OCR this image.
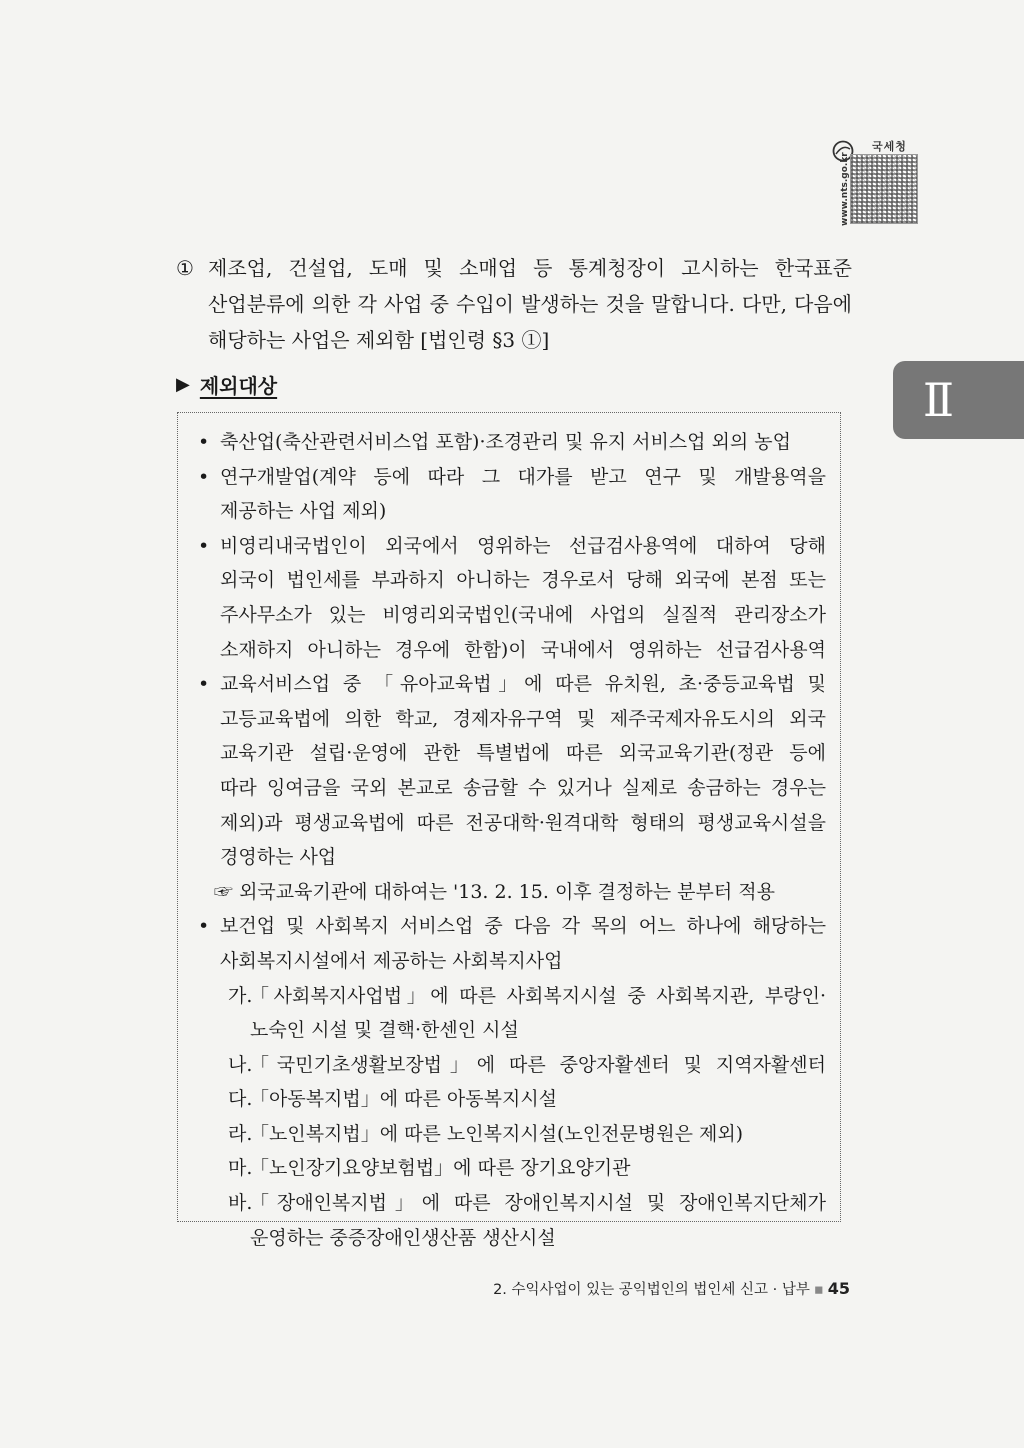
국세청
www.nts.go.kr
Ⅱ
① 제조업, 건설업, 도매 및 소매업 등 통계청장이 고시하는 한국표준
산업분류에 의한 각 사업 중 수입이 발생하는 것을 말합니다. 다만, 다음에
해당하는 사업은 제외함 [법인령 §3 ①]
▶ 제외대상
• 축산업(축산관련서비스업 포함)·조경관리 및 유지 서비스업 외의 농업
• 연구개발업(계약 등에 따라 그 대가를 받고 연구 및 개발용역을
제공하는 사업 제외)
• 비영리내국법인이 외국에서 영위하는 선급검사용역에 대하여 당해
외국이 법인세를 부과하지 아니하는 경우로서 당해 외국에 본점 또는
주사무소가 있는 비영리외국법인(국내에 사업의 실질적 관리장소가
소재하지 아니하는 경우에 한함)이 국내에서 영위하는 선급검사용역
• 교육서비스업 중 「유아교육법」에 따른 유치원, 초·중등교육법 및
고등교육법에 의한 학교, 경제자유구역 및 제주국제자유도시의 외국
교육기관 설립·운영에 관한 특별법에 따른 외국교육기관(정관 등에
따라 잉여금을 국외 본교로 송금할 수 있거나 실제로 송금하는 경우는
제외)과 평생교육법에 따른 전공대학·원격대학 형태의 평생교육시설을
경영하는 사업
☞ 외국교육기관에 대하여는 '13. 2. 15. 이후 결정하는 분부터 적용
• 보건업 및 사회복지 서비스업 중 다음 각 목의 어느 하나에 해당하는
사회복지시설에서 제공하는 사회복지사업
가.
「사회복지사업법」에 따른 사회복지시설 중 사회복지관, 부랑인·
노숙인 시설 및 결핵·한센인 시설
나.
「국민기초생활보장법」에 따른 중앙자활센터 및 지역자활센터
다.
「아동복지법」에 따른 아동복지시설
라.
「노인복지법」에 따른 노인복지시설(노인전문병원은 제외)
마.
「노인장기요양보험법」에 따른 장기요양기관
바.
「장애인복지법」에 따른 장애인복지시설 및 장애인복지단체가
운영하는 중증장애인생산품 생산시설
2. 수익사업이 있는 공익법인의 법인세 신고 · 납부 ▪ 45
